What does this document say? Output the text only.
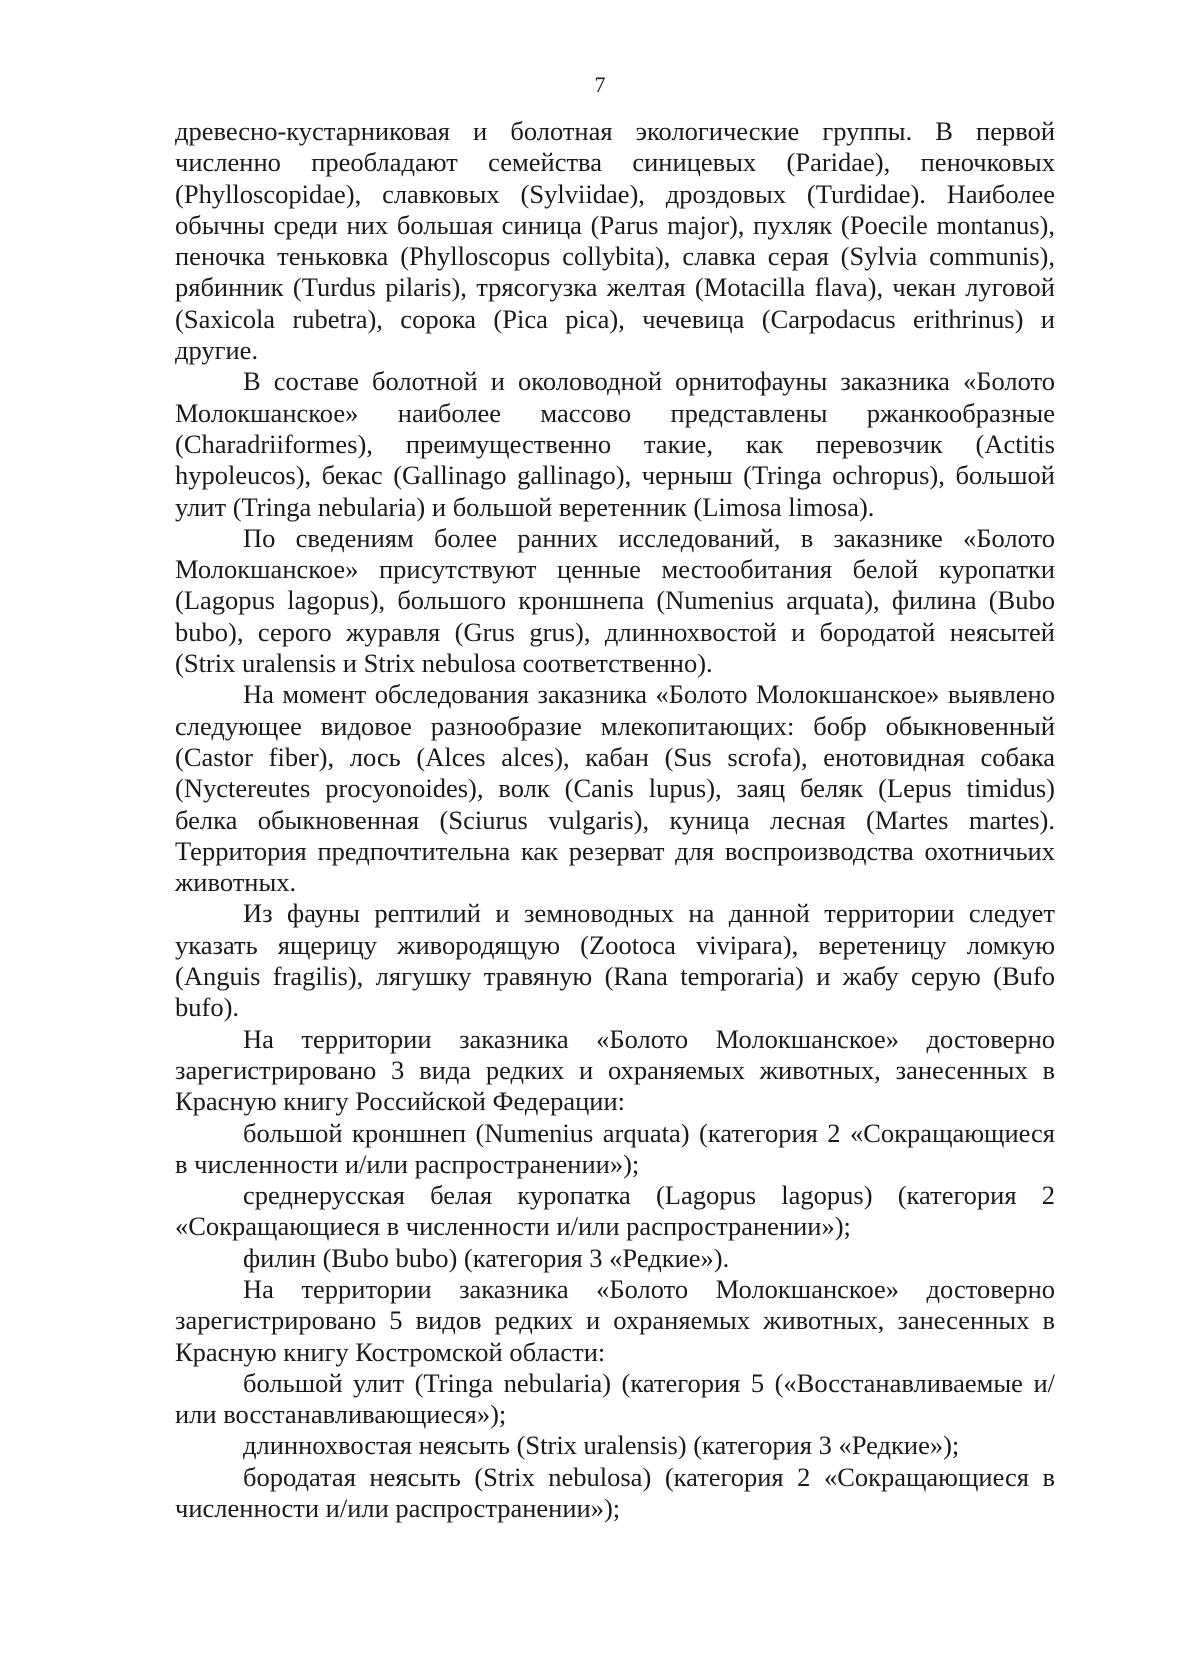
7

древесно-кустарниковая и болотная экологические группы. В первой численно преобладают семейства синицевых (Paridae), пеночковых (Phylloscopidae), славковых (Sylviidae), дроздовых (Turdidae). Наиболее обычны среди них большая синица (Parus major), пухляк (Poecile montanus), пеночка теньковка (Phylloscopus collybita), славка серая (Sylvia communis), рябинник (Turdus pilaris), трясогузка желтая (Motacilla flava), чекан луговой (Saxicola rubetra), сорока (Pica pica), чечевица (Carpodacus erithrinus) и другие.

В составе болотной и околоводной орнитофауны заказника «Болото Молокшанское» наиболее массово представлены ржанкообразные (Charadriiformes), преимущественно такие, как перевозчик (Actitis hypoleucos), бекас (Gallinago gallinago), черныш (Tringa ochropus), большой улит (Tringa nebularia) и большой веретенник (Limosa limosa).

По сведениям более ранних исследований, в заказнике «Болото Молокшанское» присутствуют ценные местообитания белой куропатки (Lagopus lagopus), большого кроншнепа (Numenius arquata), филина (Bubo bubo), серого журавля (Grus grus), длиннохвостой и бородатой неясытей (Strix uralensis и Strix nebulosa соответственно).

На момент обследования заказника «Болото Молокшанское» выявлено следующее видовое разнообразие млекопитающих: бобр обыкновенный (Castor fiber), лось (Alces alces), кабан (Sus scrofa), енотовидная собака (Nyctereutes procyonoides), волк (Canis lupus), заяц беляк (Lepus timidus) белка обыкновенная (Sciurus vulgaris), куница лесная (Martes martes). Территория предпочтительна как резерват для воспроизводства охотничьих животных.

Из фауны рептилий и земноводных на данной территории следует указать ящерицу живородящую (Zootoca vivipara), веретеницу ломкую (Anguis fragilis), лягушку травяную (Rana temporaria) и жабу серую (Bufo bufo).

На территории заказника «Болото Молокшанское» достоверно зарегистрировано 3 вида редких и охраняемых животных, занесенных в Красную книгу Российской Федерации:

большой кроншнеп (Numenius arquata) (категория 2 «Сокращающиеся в численности и/или распространении»);

среднерусская белая куропатка (Lagopus lagopus) (категория 2 «Сокращающиеся в численности и/или распространении»);

филин (Bubo bubo) (категория 3 «Редкие»).

На территории заказника «Болото Молокшанское» достоверно зарегистрировано 5 видов редких и охраняемых животных, занесенных в Красную книгу Костромской области:

большой улит (Tringa nebularia) (категория 5 («Восстанавливаемые и/или восстанавливающиеся»);

длиннохвостая неясыть (Strix uralensis) (категория 3 «Редкие»);

бородатая неясыть (Strix nebulosa) (категория 2 «Сокращающиеся в численности и/или распространении»);
